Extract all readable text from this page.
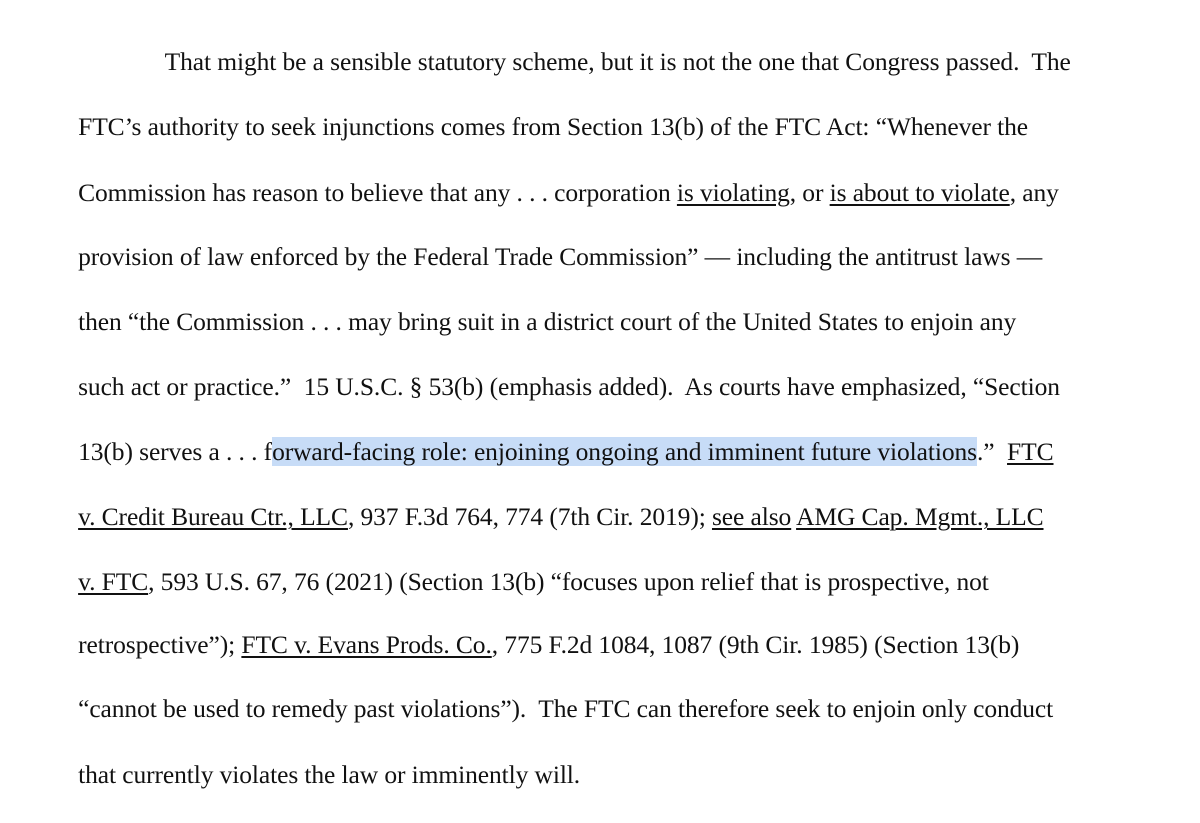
That might be a sensible statutory scheme, but it is not the one that Congress passed.  The

FTC’s authority to seek injunctions comes from Section 13(b) of the FTC Act: “Whenever the

Commission has reason to believe that any . . . corporation is violating, or is about to violate, any

provision of law enforced by the Federal Trade Commission” — including the antitrust laws —

then “the Commission . . . may bring suit in a district court of the United States to enjoin any

such act or practice.”  15 U.S.C. § 53(b) (emphasis added).  As courts have emphasized, “Section

13(b) serves a . . . forward-facing role: enjoining ongoing and imminent future violations.”  FTC

v. Credit Bureau Ctr., LLC, 937 F.3d 764, 774 (7th Cir. 2019); see also AMG Cap. Mgmt., LLC

v. FTC, 593 U.S. 67, 76 (2021) (Section 13(b) “focuses upon relief that is prospective, not

retrospective”); FTC v. Evans Prods. Co., 775 F.2d 1084, 1087 (9th Cir. 1985) (Section 13(b)

“cannot be used to remedy past violations”).  The FTC can therefore seek to enjoin only conduct

that currently violates the law or imminently will.
